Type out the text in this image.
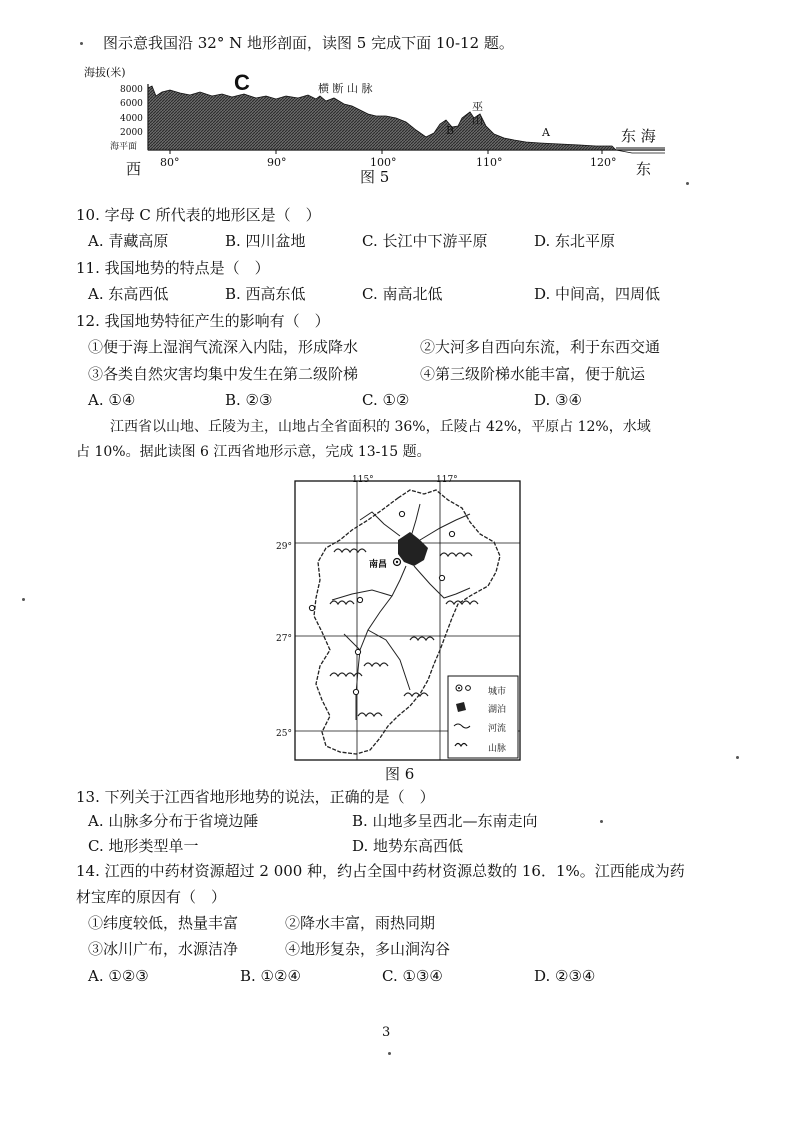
图示意我国沿 32° N 地形剖面，读图 5 完成下面 10-12 题。
海拔(米)
8000
6000
4000
2000
海平面
80°	90°	100°	110°	120°
西	东
C	横 断 山 脉
巫
山
B	A	东 海
图 5
10. 字母 C 所代表的地形区是（　）
A. 青藏高原	B. 四川盆地	C. 长江中下游平原	D. 东北平原
11. 我国地势的特点是（　）
A. 东高西低	B. 西高东低	C. 南高北低	D. 中间高，四周低
12. 我国地势特征产生的影响有（　）
①便于海上湿润气流深入内陆，形成降水	②大河多自西向东流，利于东西交通
③各类自然灾害均集中发生在第二级阶梯	④第三级阶梯水能丰富，便于航运
A. ①④	B. ②③	C. ①②	D. ③④
江西省以山地、丘陵为主，山地占全省面积的 36%，丘陵占 42%，平原占 12%，水域
占 10%。据此读图 6 江西省地形示意，完成 13-15 题。
115°	117°
29°
27°
25°
南昌
城市
湖泊
河流
山脉
图 6
13. 下列关于江西省地形地势的说法，正确的是（　）
A. 山脉多分布于省境边陲	B. 山地多呈西北—东南走向
C. 地形类型单一	D. 地势东高西低
14. 江西的中药材资源超过 2 000 种，约占全国中药材资源总数的 16．1%。江西能成为药
材宝库的原因有（　）
①纬度较低，热量丰富	②降水丰富，雨热同期
③冰川广布，水源洁净	④地形复杂，多山涧沟谷
A. ①②③	B. ①②④	C. ①③④	D. ②③④
3
